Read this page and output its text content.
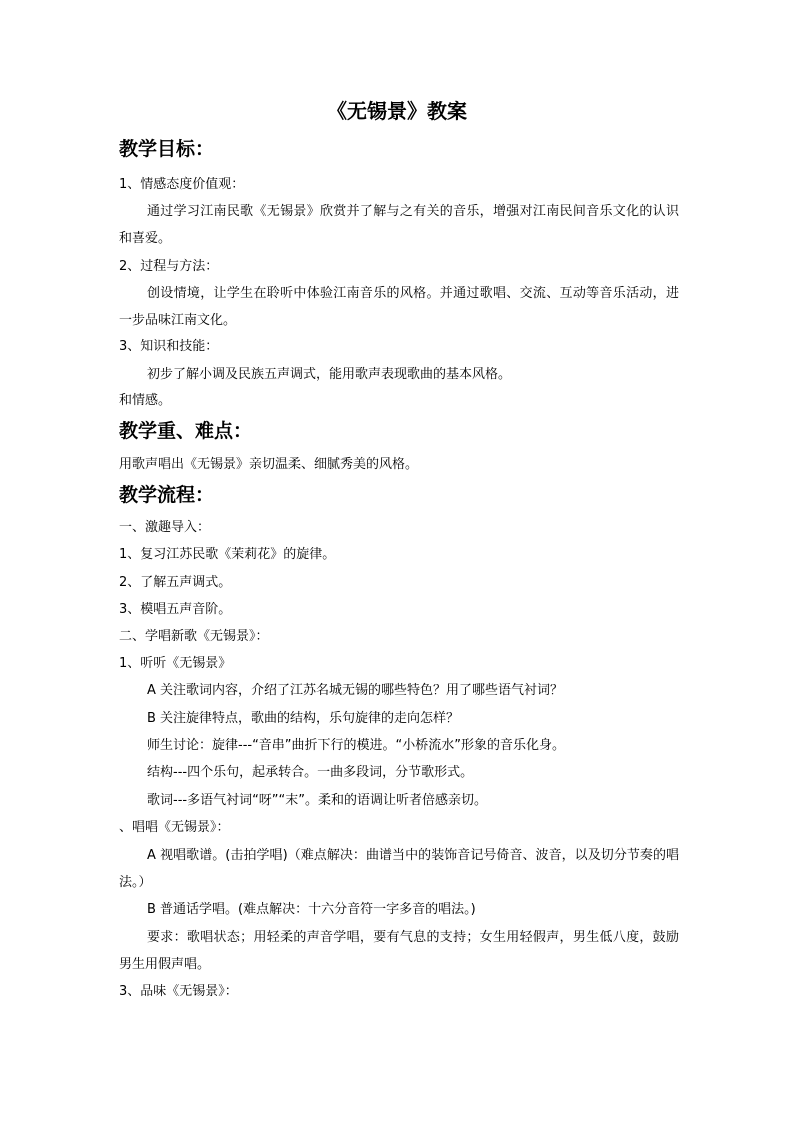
《无锡景》教案
教学目标：
1、情感态度价值观：
通过学习江南民歌《无锡景》欣赏并了解与之有关的音乐，增强对江南民间音乐文化的认识和喜爱。
2、过程与方法：
创设情境，让学生在聆听中体验江南音乐的风格。并通过歌唱、交流、互动等音乐活动，进一步品味江南文化。
3、知识和技能：
初步了解小调及民族五声调式，能用歌声表现歌曲的基本风格。
和情感。
教学重、难点：
用歌声唱出《无锡景》亲切温柔、细腻秀美的风格。
教学流程：
一、激趣导入：
1、复习江苏民歌《茉莉花》的旋律。
2、了解五声调式。
3、模唱五声音阶。
二、学唱新歌《无锡景》：
1、听听《无锡景》
A 关注歌词内容，介绍了江苏名城无锡的哪些特色？用了哪些语气衬词？
B 关注旋律特点，歌曲的结构，乐句旋律的走向怎样？
师生讨论：旋律---“音串”曲折下行的模进。“小桥流水”形象的音乐化身。
结构---四个乐句，起承转合。一曲多段词，分节歌形式。
歌词---多语气衬词“呀”“末”。柔和的语调让听者倍感亲切。
、唱唱《无锡景》：
A 视唱歌谱。(击拍学唱)（难点解决：曲谱当中的装饰音记号倚音、波音，以及切分节奏的唱法。）
B 普通话学唱。(难点解决：十六分音符一字多音的唱法。)
要求：歌唱状态；用轻柔的声音学唱，要有气息的支持；女生用轻假声，男生低八度，鼓励男生用假声唱。
3、品味《无锡景》：
